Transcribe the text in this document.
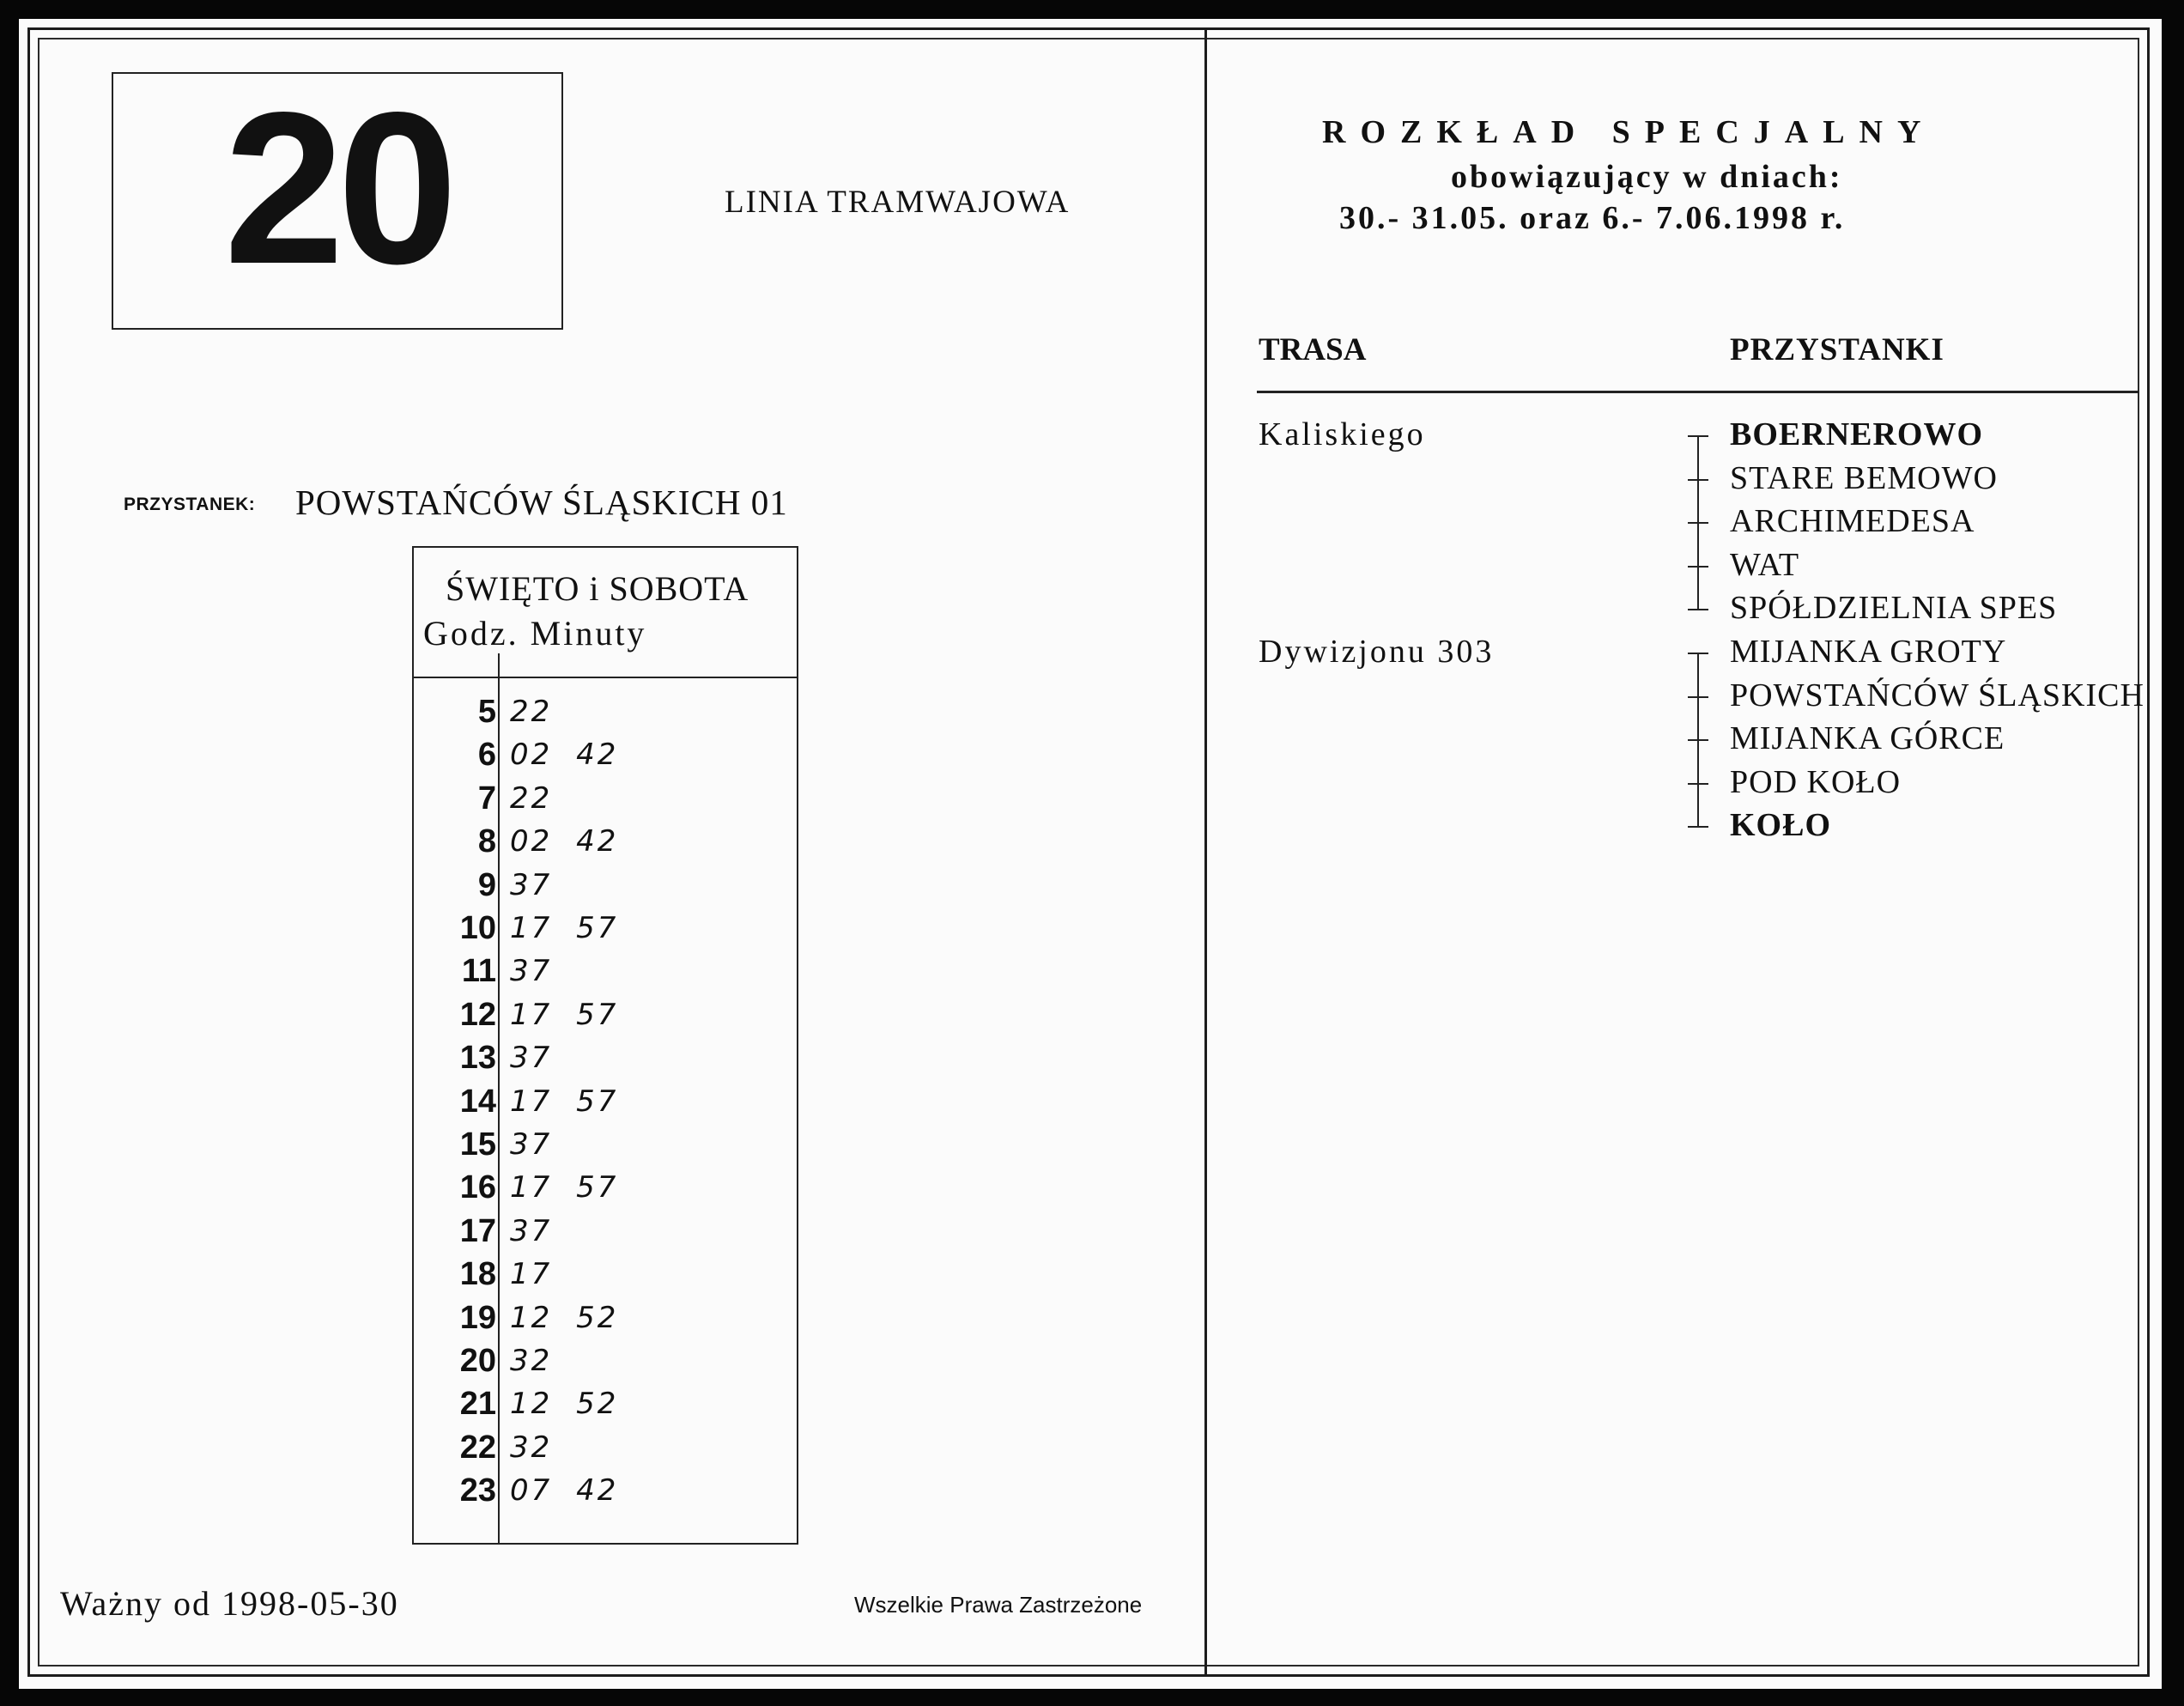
20	LINIA TRAMWAJOWA
PRZYSTANEK: POWSTAŃCÓW ŚLĄSKICH 01
ŚWIĘTO i SOBOTA
Godz. Minuty
5 22
6 02 42
7 22
8 02 42
9 37
10 17 57
11 37
12 17 57
13 37
14 17 57
15 37
16 17 57
17 37
18 17
19 12 52
20 32
21 12 52
22 32
23 07 42
Ważny od 1998-05-30	Wszelkie Prawa Zastrzeżone
ROZKŁAD SPECJALNY
obowiązujący w dniach:
30.- 31.05. oraz 6.- 7.06.1998 r.
TRASA	PRZYSTANKI
Kaliskiego	BOERNEROWO
STARE BEMOWO
ARCHIMEDESA
WAT
SPÓŁDZIELNIA SPES
Dywizjonu 303	MIJANKA GROTY
POWSTAŃCÓW ŚLĄSKICH
MIJANKA GÓRCE
POD KOŁO
KOŁO
